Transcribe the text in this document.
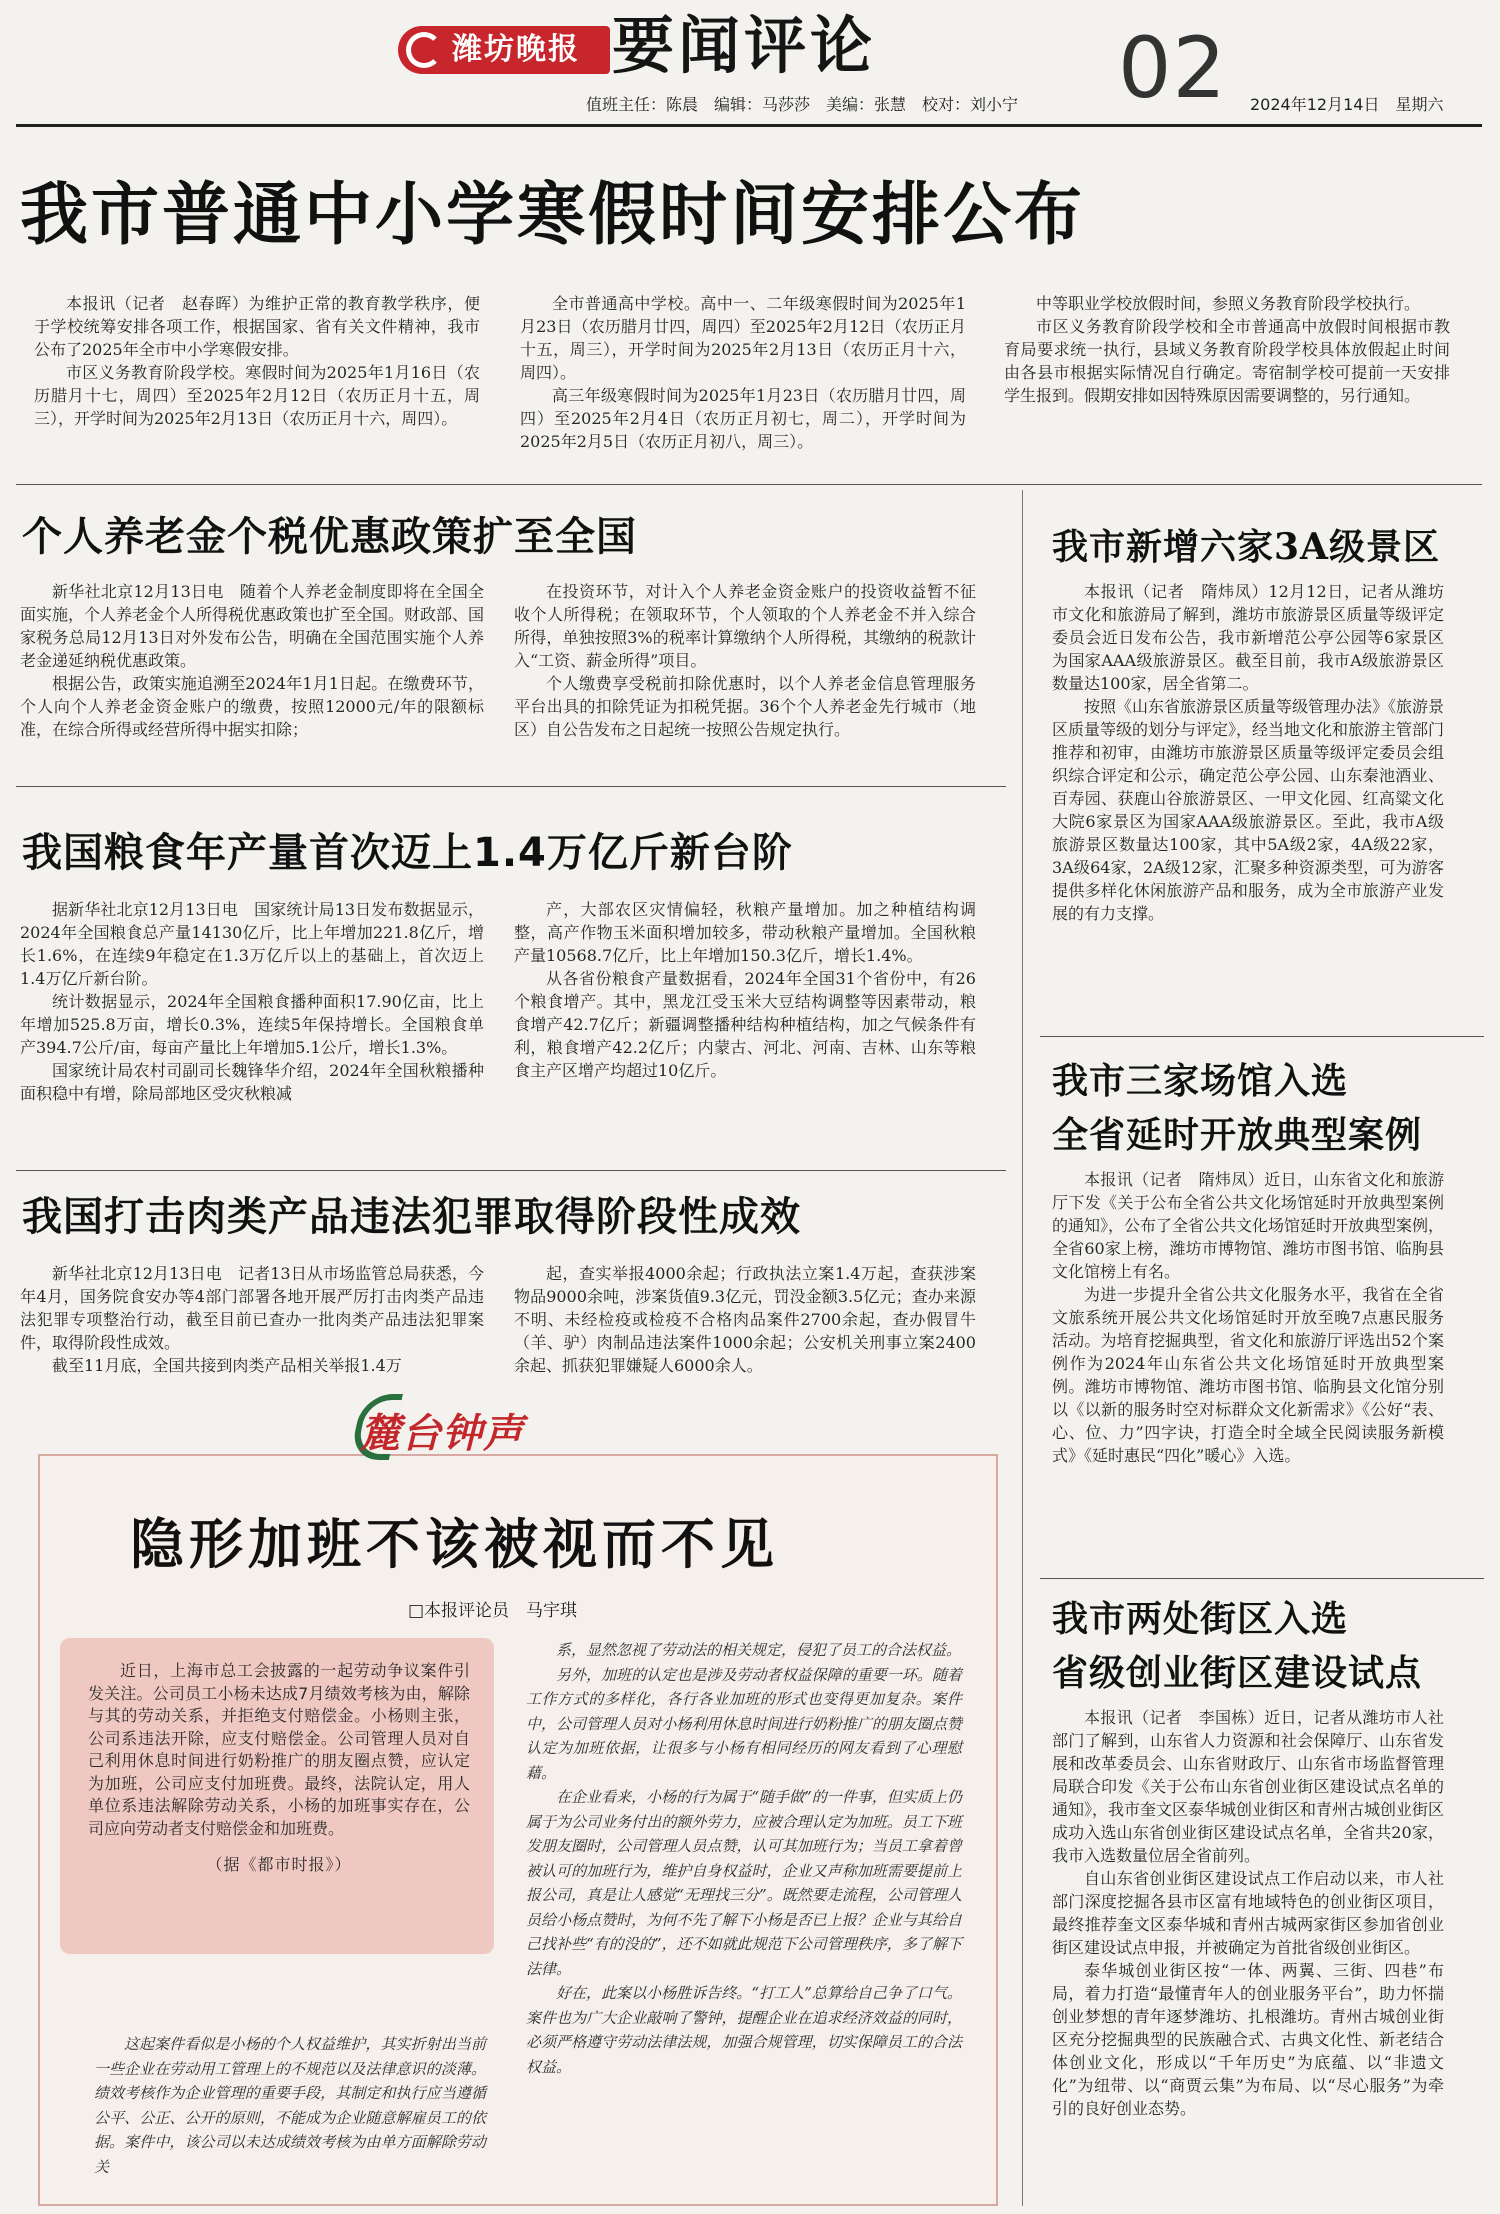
潍坊晚报 要闻评论
值班主任：陈晨　编辑：马莎莎　美编：张慧　校对：刘小宁 02 2024年12月14日　星期六
我市普通中小学寒假时间安排公布

本报讯（记者　赵春晖）为维护正常的教育教学秩序，便于学校统筹安排各项工作，根据国家、省有关文件精神，我市公布了2025年全市中小学寒假安排。

市区义务教育阶段学校。寒假时间为2025年1月16日（农历腊月十七，周四）至2025年2月12日（农历正月十五，周三），开学时间为2025年2月13日（农历正月十六，周四）。

全市普通高中学校。高中一、二年级寒假时间为2025年1月23日（农历腊月廿四，周四）至2025年2月12日（农历正月十五，周三），开学时间为2025年2月13日（农历正月十六，周四）。

高三年级寒假时间为2025年1月23日（农历腊月廿四，周四）至2025年2月4日（农历正月初七，周二），开学时间为2025年2月5日（农历正月初八，周三）。

中等职业学校放假时间，参照义务教育阶段学校执行。

市区义务教育阶段学校和全市普通高中放假时间根据市教育局要求统一执行，县域义务教育阶段学校具体放假起止时间由各县市根据实际情况自行确定。寄宿制学校可提前一天安排学生报到。假期安排如因特殊原因需要调整的，另行通知。

个人养老金个税优惠政策扩至全国

新华社北京12月13日电　随着个人养老金制度即将在全国全面实施，个人养老金个人所得税优惠政策也扩至全国。财政部、国家税务总局12月13日对外发布公告，明确在全国范围实施个人养老金递延纳税优惠政策。

根据公告，政策实施追溯至2024年1月1日起。在缴费环节，个人向个人养老金资金账户的缴费，按照12000元/年的限额标准，在综合所得或经营所得中据实扣除；

在投资环节，对计入个人养老金资金账户的投资收益暂不征收个人所得税；在领取环节，个人领取的个人养老金不并入综合所得，单独按照3%的税率计算缴纳个人所得税，其缴纳的税款计入“工资、薪金所得”项目。

个人缴费享受税前扣除优惠时，以个人养老金信息管理服务平台出具的扣除凭证为扣税凭据。36个个人养老金先行城市（地区）自公告发布之日起统一按照公告规定执行。

我国粮食年产量首次迈上1.4万亿斤新台阶

据新华社北京12月13日电　国家统计局13日发布数据显示，2024年全国粮食总产量14130亿斤，比上年增加221.8亿斤，增长1.6%，在连续9年稳定在1.3万亿斤以上的基础上，首次迈上1.4万亿斤新台阶。

统计数据显示，2024年全国粮食播种面积17.90亿亩，比上年增加525.8万亩，增长0.3%，连续5年保持增长。全国粮食单产394.7公斤/亩，每亩产量比上年增加5.1公斤，增长1.3%。

国家统计局农村司副司长魏锋华介绍，2024年全国秋粮播种面积稳中有增，除局部地区受灾秋粮减

产，大部农区灾情偏轻，秋粮产量增加。加之种植结构调整，高产作物玉米面积增加较多，带动秋粮产量增加。全国秋粮产量10568.7亿斤，比上年增加150.3亿斤，增长1.4%。

从各省份粮食产量数据看，2024年全国31个省份中，有26个粮食增产。其中，黑龙江受玉米大豆结构调整等因素带动，粮食增产42.7亿斤；新疆调整播种结构种植结构，加之气候条件有利，粮食增产42.2亿斤；内蒙古、河北、河南、吉林、山东等粮食主产区增产均超过10亿斤。

我国打击肉类产品违法犯罪取得阶段性成效

新华社北京12月13日电　记者13日从市场监管总局获悉，今年4月，国务院食安办等4部门部署各地开展严厉打击肉类产品违法犯罪专项整治行动，截至目前已查办一批肉类产品违法犯罪案件，取得阶段性成效。

截至11月底，全国共接到肉类产品相关举报1.4万

起，查实举报4000余起；行政执法立案1.4万起，查获涉案物品9000余吨，涉案货值9.3亿元，罚没金额3.5亿元；查办来源不明、未经检疫或检疫不合格肉品案件2700余起，查办假冒牛（羊、驴）肉制品违法案件1000余起；公安机关刑事立案2400余起、抓获犯罪嫌疑人6000余人。

我市新增六家3A级景区

本报讯（记者　隋炜凤）12月12日，记者从潍坊市文化和旅游局了解到，潍坊市旅游景区质量等级评定委员会近日发布公告，我市新增范公亭公园等6家景区为国家AAA级旅游景区。截至目前，我市A级旅游景区数量达100家，居全省第二。

按照《山东省旅游景区质量等级管理办法》《旅游景区质量等级的划分与评定》，经当地文化和旅游主管部门推荐和初审，由潍坊市旅游景区质量等级评定委员会组织综合评定和公示，确定范公亭公园、山东秦池酒业、百寿园、获鹿山谷旅游景区、一甲文化园、红高粱文化大院6家景区为国家AAA级旅游景区。至此，我市A级旅游景区数量达100家，其中5A级2家，4A级22家，3A级64家，2A级12家，汇聚多种资源类型，可为游客提供多样化休闲旅游产品和服务，成为全市旅游产业发展的有力支撑。

我市三家场馆入选
全省延时开放典型案例

本报讯（记者　隋炜凤）近日，山东省文化和旅游厅下发《关于公布全省公共文化场馆延时开放典型案例的通知》，公布了全省公共文化场馆延时开放典型案例，全省60家上榜，潍坊市博物馆、潍坊市图书馆、临朐县文化馆榜上有名。

为进一步提升全省公共文化服务水平，我省在全省文旅系统开展公共文化场馆延时开放至晚7点惠民服务活动。为培育挖掘典型，省文化和旅游厅评选出52个案例作为2024年山东省公共文化场馆延时开放典型案例。潍坊市博物馆、潍坊市图书馆、临朐县文化馆分别以《以新的服务时空对标群众文化新需求》《公好“表、心、位、力”四字诀，打造全时全域全民阅读服务新模式》《延时惠民“四化”暖心》入选。

我市两处街区入选
省级创业街区建设试点

本报讯（记者　李国栋）近日，记者从潍坊市人社部门了解到，山东省人力资源和社会保障厅、山东省发展和改革委员会、山东省财政厅、山东省市场监督管理局联合印发《关于公布山东省创业街区建设试点名单的通知》，我市奎文区泰华城创业街区和青州古城创业街区成功入选山东省创业街区建设试点名单，全省共20家，我市入选数量位居全省前列。

自山东省创业街区建设试点工作启动以来，市人社部门深度挖掘各县市区富有地域特色的创业街区项目，最终推荐奎文区泰华城和青州古城两家街区参加省创业街区建设试点申报，并被确定为首批省级创业街区。

泰华城创业街区按“一体、两翼、三街、四巷”布局，着力打造“最懂青年人的创业服务平台”，助力怀揣创业梦想的青年逐梦潍坊、扎根潍坊。青州古城创业街区充分挖掘典型的民族融合式、古典文化性、新老结合体创业文化，形成以“千年历史”为底蕴、以“非遗文化”为纽带、以“商贾云集”为布局、以“尽心服务”为牵引的良好创业态势。

麓台钟声
隐形加班不该被视而不见
□本报评论员　马宇琪

近日，上海市总工会披露的一起劳动争议案件引发关注。公司员工小杨未达成7月绩效考核为由，解除与其的劳动关系，并拒绝支付赔偿金。小杨则主张，公司系违法开除，应支付赔偿金。公司管理人员对自己利用休息时间进行奶粉推广的朋友圈点赞，应认定为加班，公司应支付加班费。最终，法院认定，用人单位系违法解除劳动关系，小杨的加班事实存在，公司应向劳动者支付赔偿金和加班费。

（据《都市时报》）

这起案件看似是小杨的个人权益维护，其实折射出当前一些企业在劳动用工管理上的不规范以及法律意识的淡薄。绩效考核作为企业管理的重要手段，其制定和执行应当遵循公平、公正、公开的原则，不能成为企业随意解雇员工的依据。案件中，该公司以未达成绩效考核为由单方面解除劳动关

系，显然忽视了劳动法的相关规定，侵犯了员工的合法权益。

另外，加班的认定也是涉及劳动者权益保障的重要一环。随着工作方式的多样化，各行各业加班的形式也变得更加复杂。案件中，公司管理人员对小杨利用休息时间进行奶粉推广的朋友圈点赞认定为加班依据，让很多与小杨有相同经历的网友看到了心理慰藉。

在企业看来，小杨的行为属于“随手做”的一件事，但实质上仍属于为公司业务付出的额外劳力，应被合理认定为加班。员工下班发朋友圈时，公司管理人员点赞，认可其加班行为；当员工拿着曾被认可的加班行为，维护自身权益时，企业又声称加班需要提前上报公司，真是让人感觉“无理找三分”。既然要走流程，公司管理人员给小杨点赞时，为何不先了解下小杨是否已上报？企业与其给自己找补些“有的没的”，还不如就此规范下公司管理秩序，多了解下法律。

好在，此案以小杨胜诉告终。“打工人”总算给自己争了口气。案件也为广大企业敲响了警钟，提醒企业在追求经济效益的同时，必须严格遵守劳动法律法规，加强合规管理，切实保障员工的合法权益。
